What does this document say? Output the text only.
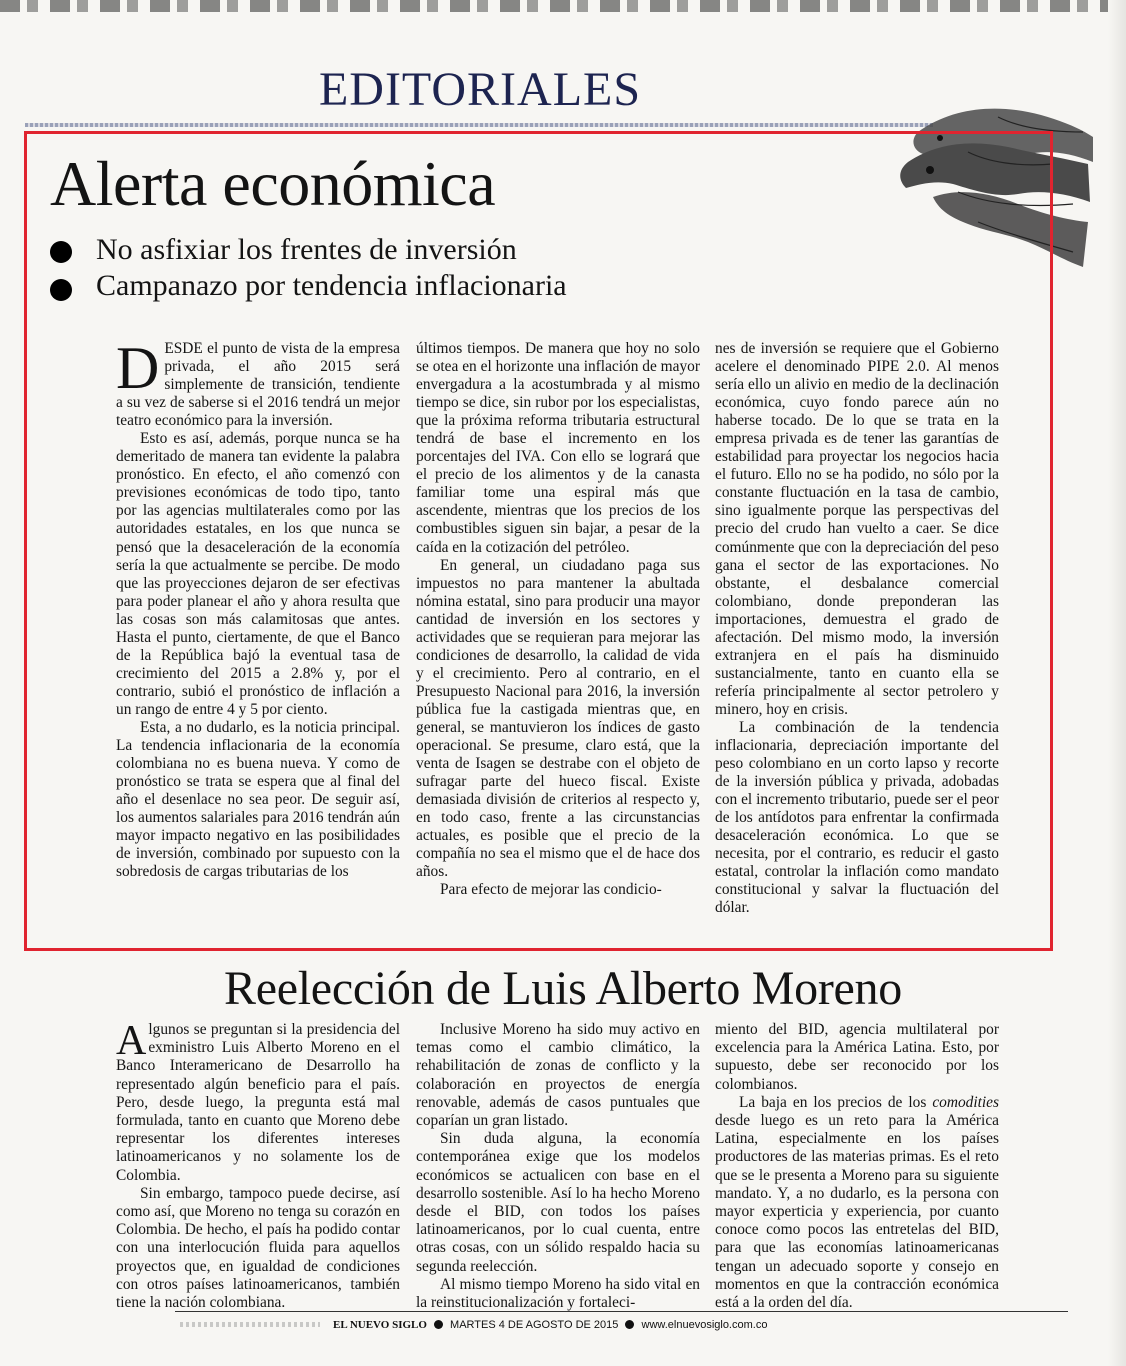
EDITORIALES
Alerta económica
No asfixiar los frentes de inversión
Campanazo por tendencia inflacionaria

DESDE el punto de vista de la empresa privada, el año 2015 será simplemente de transición, tendiente a su vez de saberse si el 2016 tendrá un mejor teatro económico para la inversión.

Esto es así, además, porque nunca se ha demeritado de manera tan evidente la palabra pronóstico. En efecto, el año comenzó con previsiones económicas de todo tipo, tanto por las agencias multilaterales como por las autoridades estatales, en los que nunca se pensó que la desaceleración de la economía sería la que actualmente se percibe. De modo que las proyecciones dejaron de ser efectivas para poder planear el año y ahora resulta que las cosas son más calamitosas que antes. Hasta el punto, ciertamente, de que el Banco de la República bajó la eventual tasa de crecimiento del 2015 a 2.8% y, por el contrario, subió el pronóstico de inflación a un rango de entre 4 y 5 por ciento.

Esta, a no dudarlo, es la noticia principal. La tendencia inflacionaria de la economía colombiana no es buena nueva. Y como de pronóstico se trata se espera que al final del año el desenlace no sea peor. De seguir así, los aumentos salariales para 2016 tendrán aún mayor impacto negativo en las posibilidades de inversión, combinado por supuesto con la sobredosis de cargas tributarias de los

últimos tiempos. De manera que hoy no solo se otea en el horizonte una inflación de mayor envergadura a la acostumbrada y al mismo tiempo se dice, sin rubor por los especialistas, que la próxima reforma tributaria estructural tendrá de base el incremento en los porcentajes del IVA. Con ello se logrará que el precio de los alimentos y de la canasta familiar tome una espiral más que ascendente, mientras que los precios de los combustibles siguen sin bajar, a pesar de la caída en la cotización del petróleo.

En general, un ciudadano paga sus impuestos no para mantener la abultada nómina estatal, sino para producir una mayor cantidad de inversión en los sectores y actividades que se requieran para mejorar las condiciones de desarrollo, la calidad de vida y el crecimiento. Pero al contrario, en el Presupuesto Nacional para 2016, la inversión pública fue la castigada mientras que, en general, se mantuvieron los índices de gasto operacional. Se presume, claro está, que la venta de Isagen se destrabe con el objeto de sufragar parte del hueco fiscal. Existe demasiada división de criterios al respecto y, en todo caso, frente a las circunstancias actuales, es posible que el precio de la compañía no sea el mismo que el de hace dos años.

Para efecto de mejorar las condicio-

nes de inversión se requiere que el Gobierno acelere el denominado PIPE 2.0. Al menos sería ello un alivio en medio de la declinación económica, cuyo fondo parece aún no haberse tocado. De lo que se trata en la empresa privada es de tener las garantías de estabilidad para proyectar los negocios hacia el futuro. Ello no se ha podido, no sólo por la constante fluctuación en la tasa de cambio, sino igualmente porque las perspectivas del precio del crudo han vuelto a caer. Se dice comúnmente que con la depreciación del peso gana el sector de las exportaciones. No obstante, el desbalance comercial colombiano, donde preponderan las importaciones, demuestra el grado de afectación. Del mismo modo, la inversión extranjera en el país ha disminuido sustancialmente, tanto en cuanto ella se refería principalmente al sector petrolero y minero, hoy en crisis.

La combinación de la tendencia inflacionaria, depreciación importante del peso colombiano en un corto lapso y recorte de la inversión pública y privada, adobadas con el incremento tributario, puede ser el peor de los antídotos para enfrentar la confirmada desaceleración económica. Lo que se necesita, por el contrario, es reducir el gasto estatal, controlar la inflación como mandato constitucional y salvar la fluctuación del dólar.

Reelección de Luis Alberto Moreno

Algunos se preguntan si la presidencia del exministro Luis Alberto Moreno en el Banco Interamericano de Desarrollo ha representado algún beneficio para el país. Pero, desde luego, la pregunta está mal formulada, tanto en cuanto que Moreno debe representar los diferentes intereses latinoamericanos y no solamente los de Colombia.

Sin embargo, tampoco puede decirse, así como así, que Moreno no tenga su corazón en Colombia. De hecho, el país ha podido contar con una interlocución fluida para aquellos proyectos que, en igualdad de condiciones con otros países latinoamericanos, también tiene la nación colombiana.

Inclusive Moreno ha sido muy activo en temas como el cambio climático, la rehabilitación de zonas de conflicto y la colaboración en proyectos de energía renovable, además de casos puntuales que coparían un gran listado.

Sin duda alguna, la economía contemporánea exige que los modelos económicos se actualicen con base en el desarrollo sostenible. Así lo ha hecho Moreno desde el BID, con todos los países latinoamericanos, por lo cual cuenta, entre otras cosas, con un sólido respaldo hacia su segunda reelección.

Al mismo tiempo Moreno ha sido vital en la reinstitucionalización y fortaleci-

miento del BID, agencia multilateral por excelencia para la América Latina. Esto, por supuesto, debe ser reconocido por los colombianos.

La baja en los precios de los comodities desde luego es un reto para la América Latina, especialmente en los países productores de las materias primas. Es el reto que se le presenta a Moreno para su siguiente mandato. Y, a no dudarlo, es la persona con mayor experticia y experiencia, por cuanto conoce como pocos las entretelas del BID, para que las economías latinoamericanas tengan un adecuado soporte y consejo en momentos en que la contracción económica está a la orden del día.

EL NUEVO SIGLO MARTES 4 DE AGOSTO DE 2015 www.elnuevosiglo.com.co
